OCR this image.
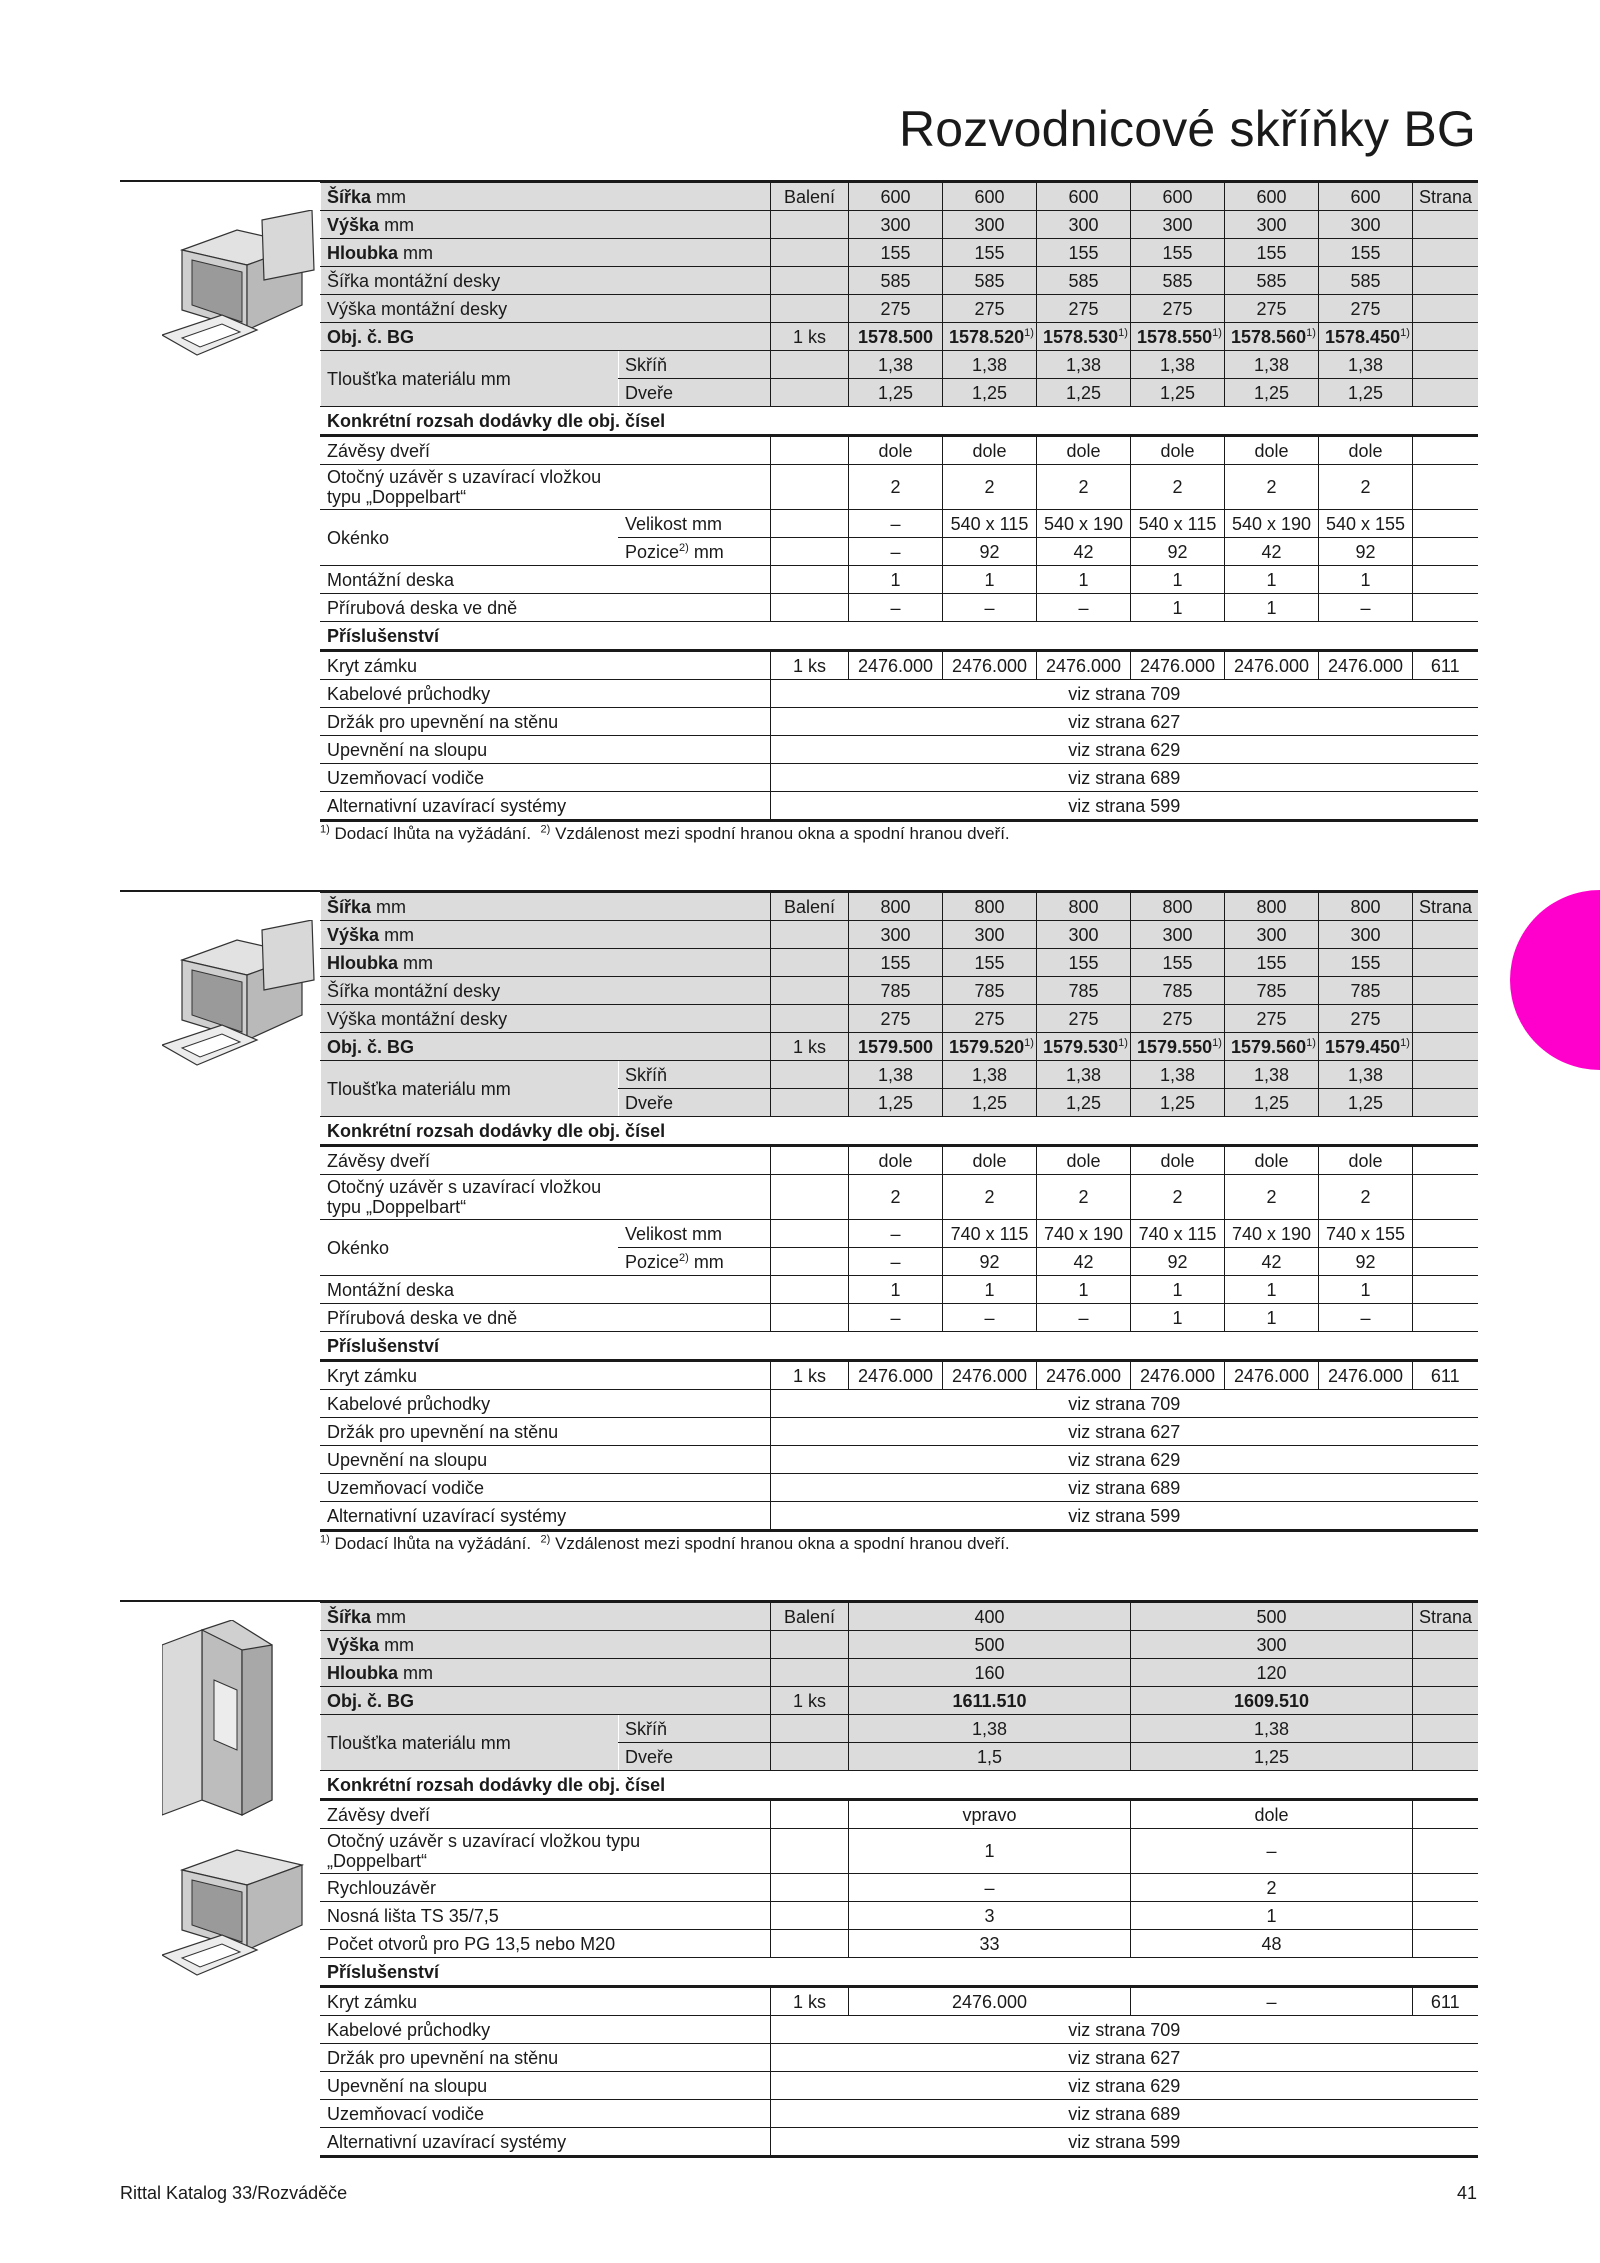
Rozvodnicové skříňky BG
Šířka mm		Balení	600	600	600	600	600	600	Strana
Výška mm			300	300	300	300	300	300	
Hloubka mm			155	155	155	155	155	155	
Šířka montážní desky			585	585	585	585	585	585	
Výška montážní desky			275	275	275	275	275	275	
Obj. č. BG		1 ks	1578.500	1578.520$^{1)}$	1578.530$^{1)}$	1578.550$^{1)}$	1578.560$^{1)}$	1578.450$^{1)}$	
Tloušťka materiálu mm	Skříň		1,38	1,38	1,38	1,38	1,38	1,38	
	Dveře		1,25	1,25	1,25	1,25	1,25	1,25	
Konkrétní rozsah dodávky dle obj. čísel									
Závěsy dveří			dole	dole	dole	dole	dole	dole	
Otočný uzávěr s uzavírací vložkou
typu „Doppelbart“			2	2	2	2	2	2	
Okénko	Velikost mm		–	540 x 115	540 x 190	540 x 115	540 x 190	540 x 155	
	Pozice$^{2)}$ mm		–	92	42	92	42	92	
Montážní deska			1	1	1	1	1	1	
Přírubová deska ve dně			–	–	–	1	1	–	
Příslušenství									
Kryt zámku		1 ks	2476.000	2476.000	2476.000	2476.000	2476.000	2476.000	611
Kabelové průchodky		viz strana 709							
Držák pro upevnění na stěnu		viz strana 627							
Upevnění na sloupu		viz strana 629							
Uzemňovací vodiče		viz strana 689							
Alternativní uzavírací systémy		viz strana 599							
$^{1)}$ Dodací lhůta na vyžádání. $^{2)}$ Vzdálenost mezi spodní hranou okna a spodní hranou dveří.
Šířka mm		Balení	800	800	800	800	800	800	Strana
Výška mm			300	300	300	300	300	300	
Hloubka mm			155	155	155	155	155	155	
Šířka montážní desky			785	785	785	785	785	785	
Výška montážní desky			275	275	275	275	275	275	
Obj. č. BG		1 ks	1579.500	1579.520$^{1)}$	1579.530$^{1)}$	1579.550$^{1)}$	1579.560$^{1)}$	1579.450$^{1)}$	
Tloušťka materiálu mm	Skříň		1,38	1,38	1,38	1,38	1,38	1,38	
	Dveře		1,25	1,25	1,25	1,25	1,25	1,25	
Konkrétní rozsah dodávky dle obj. čísel									
Závěsy dveří			dole	dole	dole	dole	dole	dole	
Otočný uzávěr s uzavírací vložkou
typu „Doppelbart“			2	2	2	2	2	2	
Okénko	Velikost mm		–	740 x 115	740 x 190	740 x 115	740 x 190	740 x 155	
	Pozice$^{2)}$ mm		–	92	42	92	42	92	
Montážní deska			1	1	1	1	1	1	
Přírubová deska ve dně			–	–	–	1	1	–	
Příslušenství									
Kryt zámku		1 ks	2476.000	2476.000	2476.000	2476.000	2476.000	2476.000	611
Kabelové průchodky		viz strana 709							
Držák pro upevnění na stěnu		viz strana 627							
Upevnění na sloupu		viz strana 629							
Uzemňovací vodiče		viz strana 689							
Alternativní uzavírací systémy		viz strana 599							
$^{1)}$ Dodací lhůta na vyžádání. $^{2)}$ Vzdálenost mezi spodní hranou okna a spodní hranou dveří.
Šířka mm		Balení	400	500	Strana
Výška mm			500	300	
Hloubka mm			160	120	
Obj. č. BG		1 ks	1611.510	1609.510	
Tloušťka materiálu mm	Skříň		1,38	1,38	
	Dveře		1,5	1,25	
Konkrétní rozsah dodávky dle obj. čísel					
Závěsy dveří			vpravo	dole	
Otočný uzávěr s uzavírací vložkou typu
„Doppelbart“			1	–	
Rychlouzávěr			–	2	
Nosná lišta TS 35/7,5			3	1	
Počet otvorů pro PG 13,5 nebo M20			33	48	
Příslušenství					
Kryt zámku		1 ks	2476.000	–	611
Kabelové průchodky		viz strana 709			
Držák pro upevnění na stěnu		viz strana 627			
Upevnění na sloupu		viz strana 629			
Uzemňovací vodiče		viz strana 689			
Alternativní uzavírací systémy		viz strana 599			
Rittal Katalog 33/Rozváděče	41
